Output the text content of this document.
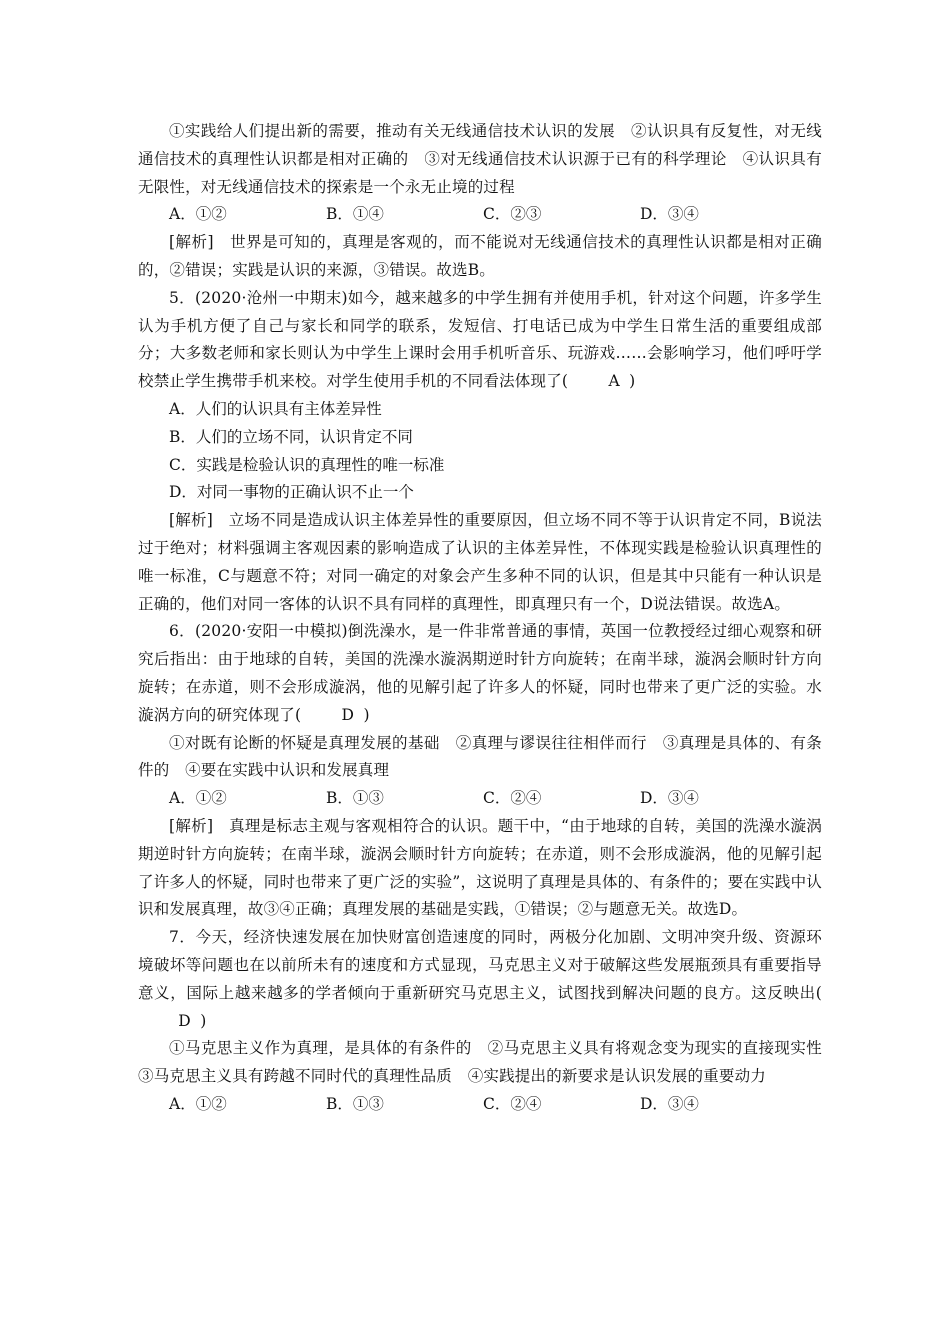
①实践给人们提出新的需要，推动有关无线通信技术认识的发展　②认识具有反复性，对无线通信技术的真理性认识都是相对正确的　③对无线通信技术认识源于已有的科学理论　④认识具有无限性，对无线通信技术的探索是一个永无止境的过程

A．①②	B．①④	C．②③	D．③④

[解析]　世界是可知的，真理是客观的，而不能说对无线通信技术的真理性认识都是相对正确的，②错误；实践是认识的来源，③错误。故选B。

5．(2020·沧州一中期末)如今，越来越多的中学生拥有并使用手机，针对这个问题，许多学生认为手机方便了自己与家长和同学的联系，发短信、打电话已成为中学生日常生活的重要组成部分；大多数老师和家长则认为中学生上课时会用手机听音乐、玩游戏……会影响学习，他们呼吁学校禁止学生携带手机来校。对学生使用手机的不同看法体现了(	A )

A．人们的认识具有主体差异性

B．人们的立场不同，认识肯定不同

C．实践是检验认识的真理性的唯一标准

D．对同一事物的正确认识不止一个

[解析]　立场不同是造成认识主体差异性的重要原因，但立场不同不等于认识肯定不同，B说法过于绝对；材料强调主客观因素的影响造成了认识的主体差异性，不体现实践是检验认识真理性的唯一标准，C与题意不符；对同一确定的对象会产生多种不同的认识，但是其中只能有一种认识是正确的，他们对同一客体的认识不具有同样的真理性，即真理只有一个，D说法错误。故选A。

6．(2020·安阳一中模拟)倒洗澡水，是一件非常普通的事情，英国一位教授经过细心观察和研究后指出：由于地球的自转，美国的洗澡水漩涡期逆时针方向旋转；在南半球，漩涡会顺时针方向旋转；在赤道，则不会形成漩涡，他的见解引起了许多人的怀疑，同时也带来了更广泛的实验。水漩涡方向的研究体现了(	D )

①对既有论断的怀疑是真理发展的基础　②真理与谬误往往相伴而行　③真理是具体的、有条件的　④要在实践中认识和发展真理

A．①②	B．①③	C．②④	D．③④

[解析]　真理是标志主观与客观相符合的认识。题干中，“由于地球的自转，美国的洗澡水漩涡期逆时针方向旋转；在南半球，漩涡会顺时针方向旋转；在赤道，则不会形成漩涡，他的见解引起了许多人的怀疑，同时也带来了更广泛的实验”，这说明了真理是具体的、有条件的；要在实践中认识和发展真理，故③④正确；真理发展的基础是实践，①错误；②与题意无关。故选D。

7．今天，经济快速发展在加快财富创造速度的同时，两极分化加剧、文明冲突升级、资源环境破坏等问题也在以前所未有的速度和方式显现，马克思主义对于破解这些发展瓶颈具有重要指导意义，国际上越来越多的学者倾向于重新研究马克思主义，试图找到解决问题的良方。这反映出(D )

①马克思主义作为真理，是具体的有条件的　②马克思主义具有将观念变为现实的直接现实性　③马克思主义具有跨越不同时代的真理性品质　④实践提出的新要求是认识发展的重要动力

A．①②	B．①③	C．②④	D．③④
